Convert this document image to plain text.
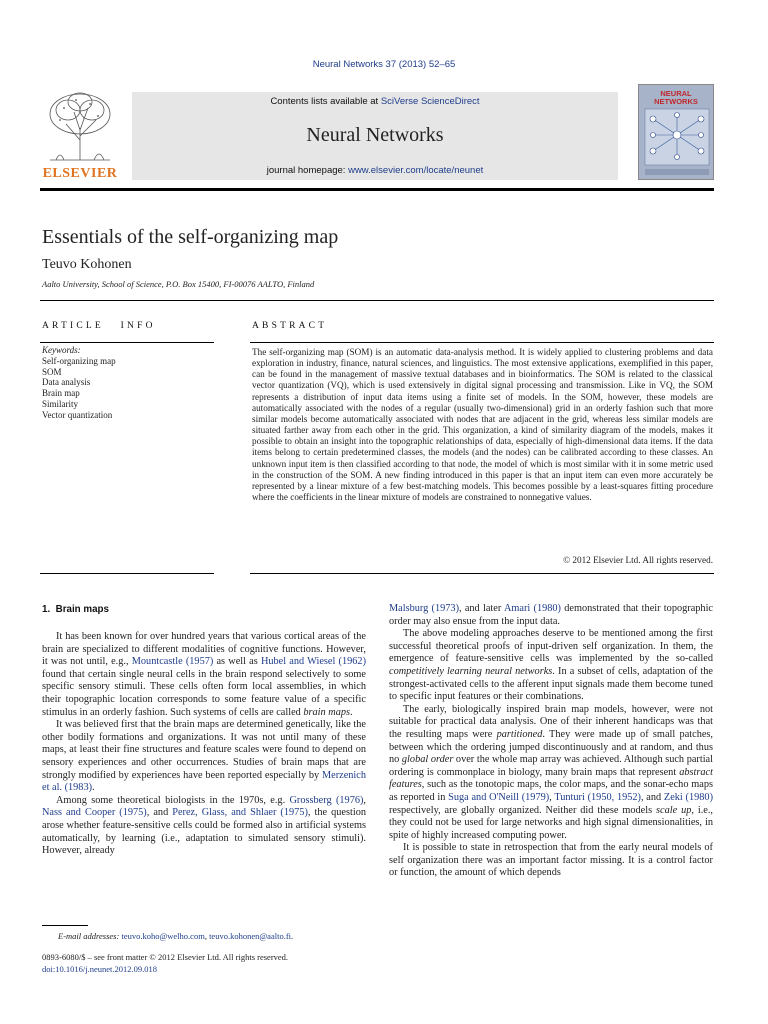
Neural Networks 37 (2013) 52–65
ELSEVIER
Contents lists available at SciVerse ScienceDirect
Neural Networks
journal homepage: www.elsevier.com/locate/neunet
NEURAL
NETWORKS
Essentials of the self-organizing map
Teuvo Kohonen
Aalto University, School of Science, P.O. Box 15400, FI-00076 AALTO, Finland
ARTICLE   INFO
Keywords:
Self-organizing map
SOM
Data analysis
Brain map
Similarity
Vector quantization
ABSTRACT
The self-organizing map (SOM) is an automatic data-analysis method. It is widely applied to clustering problems and data exploration in industry, finance, natural sciences, and linguistics. The most extensive applications, exemplified in this paper, can be found in the management of massive textual databases and in bioinformatics. The SOM is related to the classical vector quantization (VQ), which is used extensively in digital signal processing and transmission. Like in VQ, the SOM represents a distribution of input data items using a finite set of models. In the SOM, however, these models are automatically associated with the nodes of a regular (usually two-dimensional) grid in an orderly fashion such that more similar models become automatically associated with nodes that are adjacent in the grid, whereas less similar models are situated farther away from each other in the grid. This organization, a kind of similarity diagram of the models, makes it possible to obtain an insight into the topographic relationships of data, especially of high-dimensional data items. If the data items belong to certain predetermined classes, the models (and the nodes) can be calibrated according to these classes. An unknown input item is then classified according to that node, the model of which is most similar with it in some metric used in the construction of the SOM. A new finding introduced in this paper is that an input item can even more accurately be represented by a linear mixture of a few best-matching models. This becomes possible by a least-squares fitting procedure where the coefficients in the linear mixture of models are constrained to nonnegative values.
© 2012 Elsevier Ltd. All rights reserved.
1.  Brain maps

It has been known for over hundred years that various cortical areas of the brain are specialized to different modalities of cognitive functions. However, it was not until, e.g., Mountcastle (1957) as well as Hubel and Wiesel (1962) found that certain single neural cells in the brain respond selectively to some specific sensory stimuli. These cells often form local assemblies, in which their topographic location corresponds to some feature value of a specific stimulus in an orderly fashion. Such systems of cells are called brain maps.

It was believed first that the brain maps are determined genetically, like the other bodily formations and organizations. It was not until many of these maps, at least their fine structures and feature scales were found to depend on sensory experiences and other occurrences. Studies of brain maps that are strongly modified by experiences have been reported especially by Merzenich et al. (1983).

Among some theoretical biologists in the 1970s, e.g. Grossberg (1976), Nass and Cooper (1975), and Perez, Glass, and Shlaer (1975), the question arose whether feature-sensitive cells could be formed also in artificial systems automatically, by learning (i.e., adaptation to simulated sensory stimuli). However, already

Malsburg (1973), and later Amari (1980) demonstrated that their topographic order may also ensue from the input data.

The above modeling approaches deserve to be mentioned among the first successful theoretical proofs of input-driven self organization. In them, the emergence of feature-sensitive cells was implemented by the so-called competitively learning neural networks. In a subset of cells, adaptation of the strongest-activated cells to the afferent input signals made them become tuned to specific input features or their combinations.

The early, biologically inspired brain map models, however, were not suitable for practical data analysis. One of their inherent handicaps was that the resulting maps were partitioned. They were made up of small patches, between which the ordering jumped discontinuously and at random, and thus no global order over the whole map array was achieved. Although such partial ordering is commonplace in biology, many brain maps that represent abstract features, such as the tonotopic maps, the color maps, and the sonar-echo maps as reported in Suga and O'Neill (1979), Tunturi (1950, 1952), and Zeki (1980) respectively, are globally organized. Neither did these models scale up, i.e., they could not be used for large networks and high signal dimensionalities, in spite of highly increased computing power.

It is possible to state in retrospection that from the early neural models of self organization there was an important factor missing. It is a control factor or function, the amount of which depends

E-mail addresses: teuvo.koho@welho.com, teuvo.kohonen@aalto.fi.
0893-6080/$ – see front matter © 2012 Elsevier Ltd. All rights reserved.
doi:10.1016/j.neunet.2012.09.018
